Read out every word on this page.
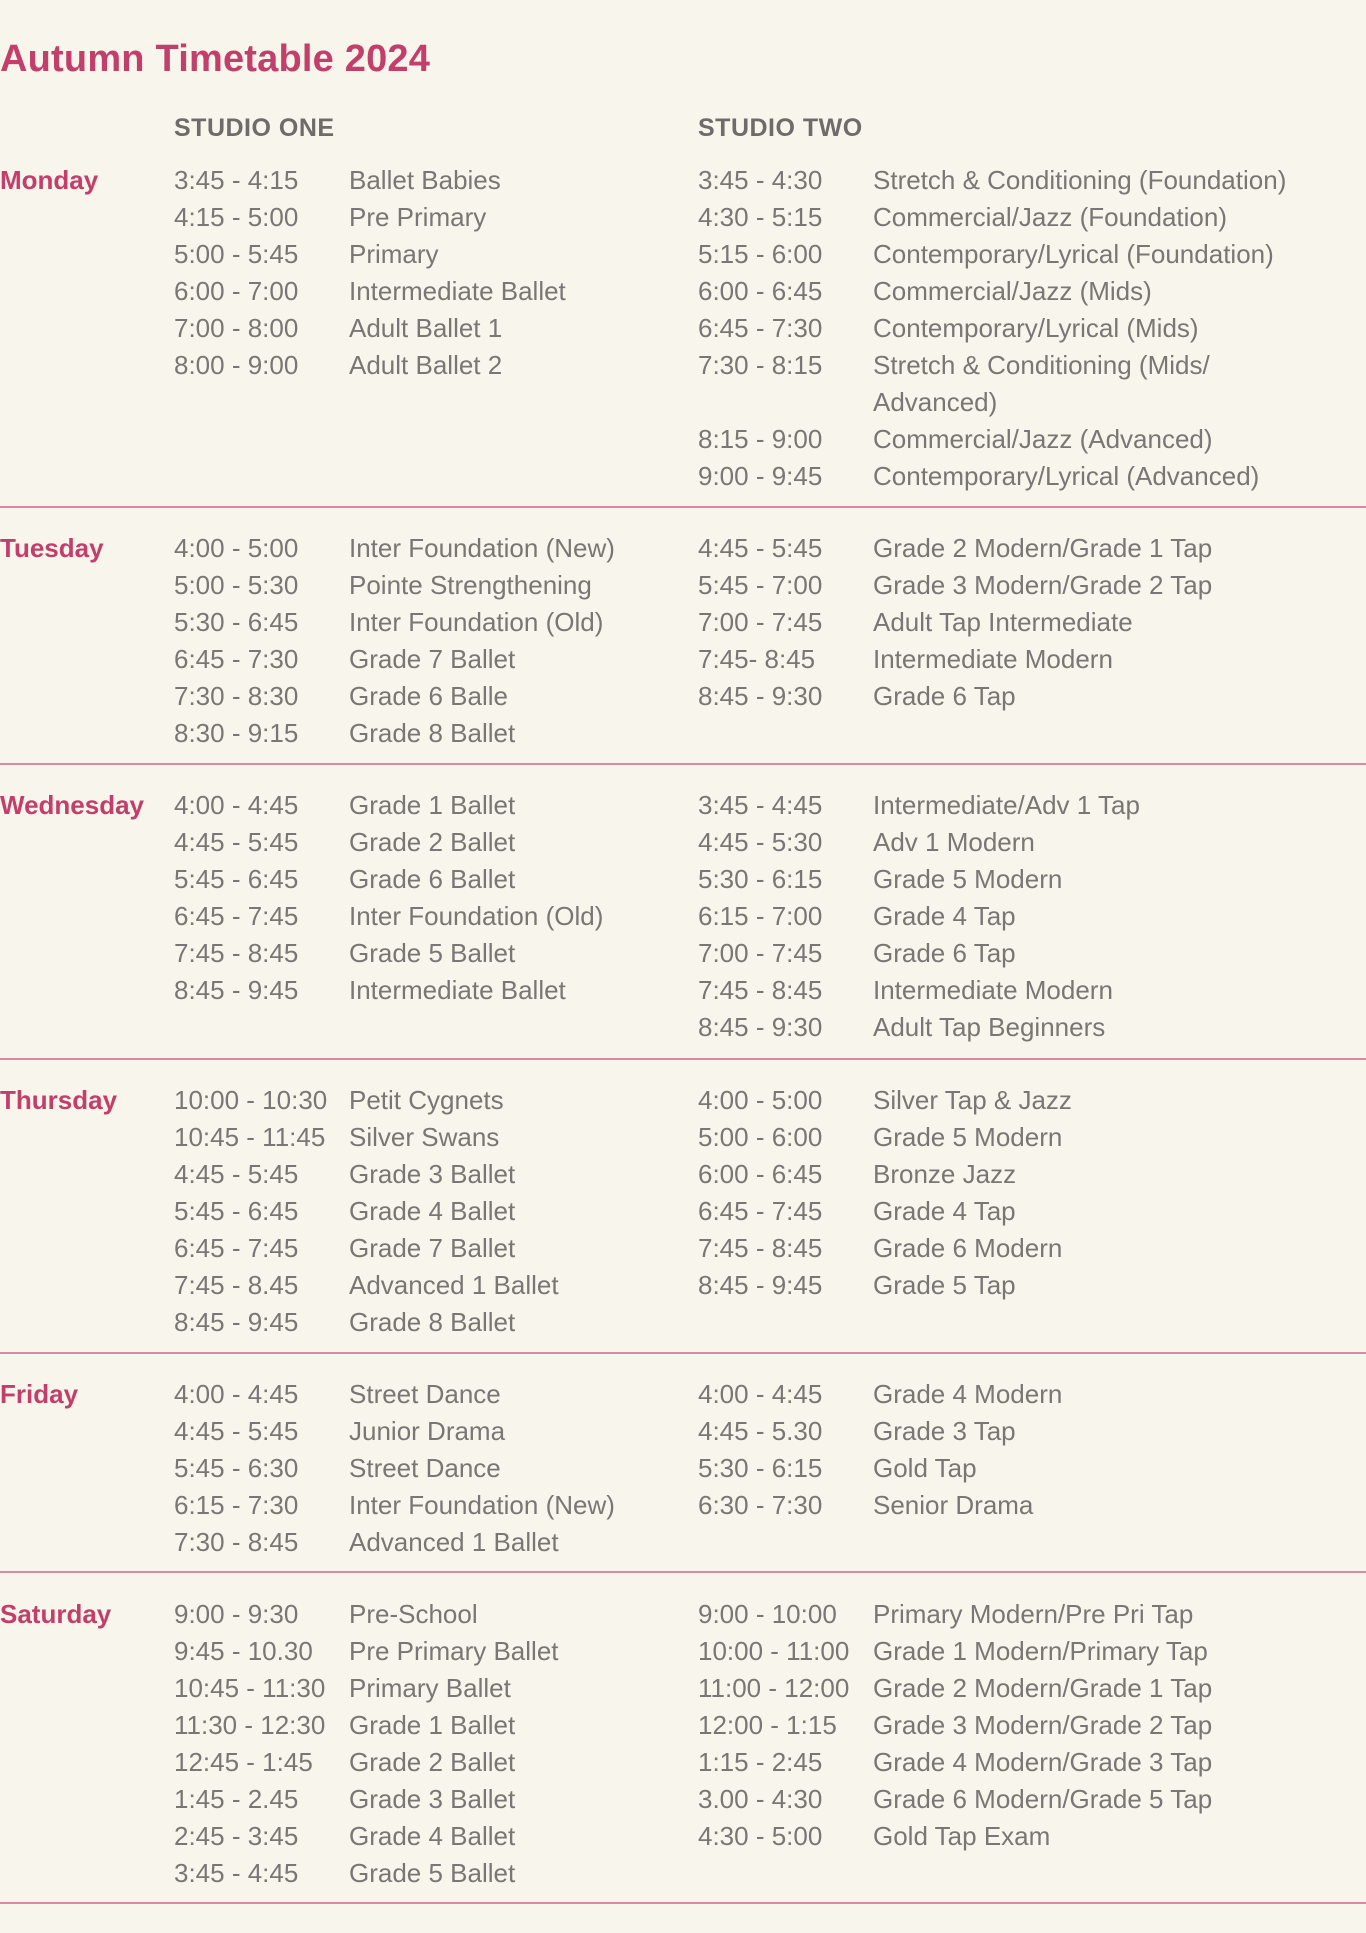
Autumn Timetable 2024
STUDIO ONE	STUDIO TWO
Monday	3:45 - 4:15	Ballet Babies
4:15 - 5:00	Pre Primary
5:00 - 5:45	Primary
6:00 - 7:00	Intermediate Ballet
7:00 - 8:00	Adult Ballet 1
8:00 - 9:00	Adult Ballet 2
3:45 - 4:30	Stretch & Conditioning (Foundation)
4:30 - 5:15	Commercial/Jazz (Foundation)
5:15 - 6:00	Contemporary/Lyrical (Foundation)
6:00 - 6:45	Commercial/Jazz (Mids)
6:45 - 7:30	Contemporary/Lyrical (Mids)
7:30 - 8:15	Stretch & Conditioning (Mids/ Advanced)
8:15 - 9:00	Commercial/Jazz (Advanced)
9:00 - 9:45	Contemporary/Lyrical (Advanced)
Tuesday	4:00 - 5:00	Inter Foundation (New)
5:00 - 5:30	Pointe Strengthening
5:30 - 6:45	Inter Foundation (Old)
6:45 - 7:30	Grade 7 Ballet
7:30 - 8:30	Grade 6 Balle
8:30 - 9:15	Grade 8 Ballet
4:45 - 5:45	Grade 2 Modern/Grade 1 Tap
5:45 - 7:00	Grade 3 Modern/Grade 2 Tap
7:00 - 7:45	Adult Tap Intermediate
7:45- 8:45	Intermediate Modern
8:45 - 9:30	Grade 6 Tap
Wednesday 4:00 - 4:45	Grade 1 Ballet
4:45 - 5:45	Grade 2 Ballet
5:45 - 6:45	Grade 6 Ballet
6:45 - 7:45	Inter Foundation (Old)
7:45 - 8:45	Grade 5 Ballet
8:45 - 9:45	Intermediate Ballet
3:45 - 4:45	Intermediate/Adv 1 Tap
4:45 - 5:30	Adv 1 Modern
5:30 - 6:15	Grade 5 Modern
6:15 - 7:00	Grade 4 Tap
7:00 - 7:45	Grade 6 Tap
7:45 - 8:45	Intermediate Modern
8:45 - 9:30	Adult Tap Beginners
Thursday 10:00 - 10:30 Petit Cygnets
10:45 - 11:45 Silver Swans
4:45 - 5:45	Grade 3 Ballet
5:45 - 6:45	Grade 4 Ballet
6:45 - 7:45	Grade 7 Ballet
7:45 - 8.45	Advanced 1 Ballet
8:45 - 9:45	Grade 8 Ballet
4:00 - 5:00	Silver Tap & Jazz
5:00 - 6:00	Grade 5 Modern
6:00 - 6:45	Bronze Jazz
6:45 - 7:45	Grade 4 Tap
7:45 - 8:45	Grade 6 Modern
8:45 - 9:45	Grade 5 Tap
Friday	4:00 - 4:45	Street Dance
4:45 - 5:45	Junior Drama
5:45 - 6:30	Street Dance
6:15 - 7:30	Inter Foundation (New)
7:30 - 8:45	Advanced 1 Ballet
4:00 - 4:45	Grade 4 Modern
4:45 - 5.30	Grade 3 Tap
5:30 - 6:15	Gold Tap
6:30 - 7:30	Senior Drama
Saturday 9:00 - 9:30	Pre-School
9:45 - 10.30	Pre Primary Ballet
10:45 - 11:30 Primary Ballet
11:30 - 12:30 Grade 1 Ballet
12:45 - 1:45	Grade 2 Ballet
1:45 - 2.45	Grade 3 Ballet
2:45 - 3:45	Grade 4 Ballet
3:45 - 4:45	Grade 5 Ballet
9:00 - 10:00	Primary Modern/Pre Pri Tap
10:00 - 11:00 Grade 1 Modern/Primary Tap
11:00 - 12:00 Grade 2 Modern/Grade 1 Tap
12:00 - 1:15	Grade 3 Modern/Grade 2 Tap
1:15 - 2:45	Grade 4 Modern/Grade 3 Tap
3.00 - 4:30	Grade 6 Modern/Grade 5 Tap
4:30 - 5:00	Gold Tap Exam
